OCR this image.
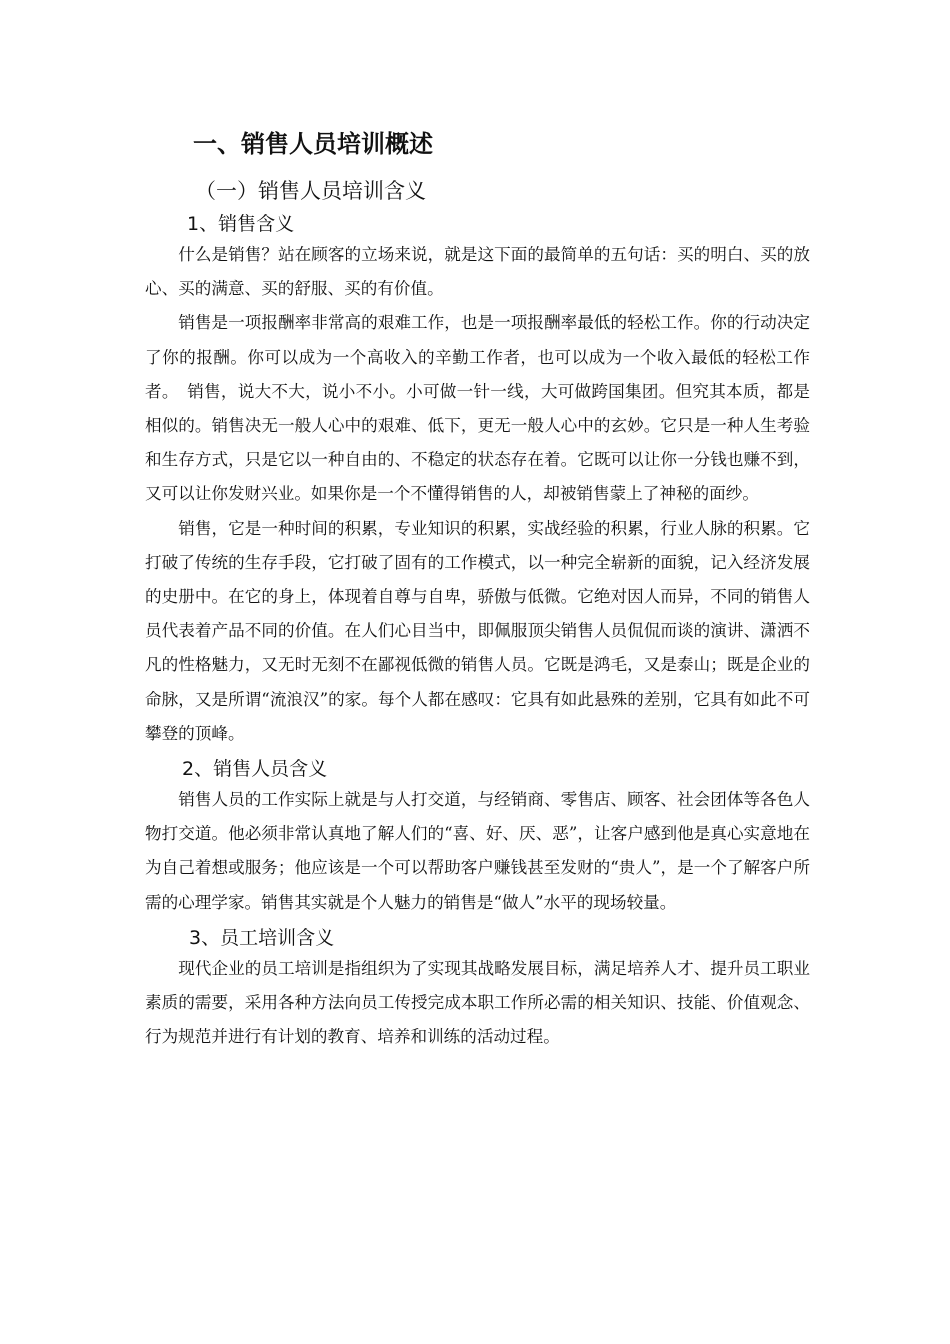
一、销售人员培训概述
（一）销售人员培训含义
1、销售含义

什么是销售？站在顾客的立场来说，就是这下面的最简单的五句话：买的明白、买的放心、买的满意、买的舒服、买的有价值。

销售是一项报酬率非常高的艰难工作，也是一项报酬率最低的轻松工作。你的行动决定了你的报酬。你可以成为一个高收入的辛勤工作者，也可以成为一个收入最低的轻松工作者。　销售，说大不大，说小不小。小可做一针一线，大可做跨国集团。但究其本质，都是相似的。销售决无一般人心中的艰难、低下，更无一般人心中的玄妙。它只是一种人生考验和生存方式，只是它以一种自由的、不稳定的状态存在着。它既可以让你一分钱也赚不到，又可以让你发财兴业。如果你是一个不懂得销售的人，却被销售蒙上了神秘的面纱。

销售，它是一种时间的积累，专业知识的积累，实战经验的积累，行业人脉的积累。它打破了传统的生存手段，它打破了固有的工作模式，以一种完全崭新的面貌，记入经济发展的史册中。在它的身上，体现着自尊与自卑，骄傲与低微。它绝对因人而异，不同的销售人员代表着产品不同的价值。在人们心目当中，即佩服顶尖销售人员侃侃而谈的演讲、潇洒不凡的性格魅力，又无时无刻不在鄙视低微的销售人员。它既是鸿毛，又是泰山；既是企业的命脉，又是所谓“流浪汉”的家。每个人都在感叹：它具有如此悬殊的差别，它具有如此不可攀登的顶峰。

2、销售人员含义

销售人员的工作实际上就是与人打交道，与经销商、零售店、顾客、社会团体等各色人物打交道。他必须非常认真地了解人们的“喜、好、厌、恶”，让客户感到他是真心实意地在为自己着想或服务；他应该是一个可以帮助客户赚钱甚至发财的“贵人”，是一个了解客户所需的心理学家。销售其实就是个人魅力的销售是“做人”水平的现场较量。

3、员工培训含义

现代企业的员工培训是指组织为了实现其战略发展目标，满足培养人才、提升员工职业素质的需要，采用各种方法向员工传授完成本职工作所必需的相关知识、技能、价值观念、行为规范并进行有计划的教育、培养和训练的活动过程。
